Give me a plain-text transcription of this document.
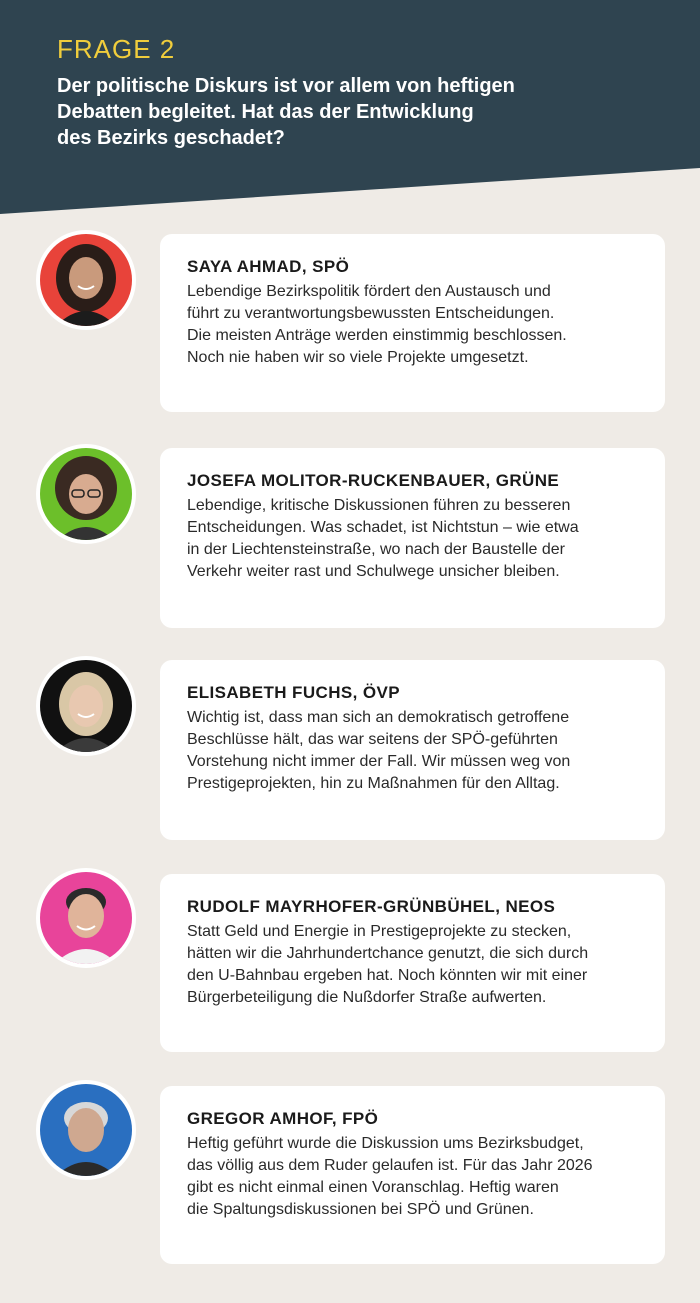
FRAGE 2
Der politische Diskurs ist vor allem von heftigen
Debatten begleitet. Hat das der Entwicklung
des Bezirks geschadet?
SAYA AHMAD, SPÖ
Lebendige Bezirkspolitik fördert den Austausch und
führt zu verantwortungsbewussten Entscheidungen.
Die meisten Anträge werden einstimmig beschlossen.
Noch nie haben wir so viele Projekte umgesetzt.
JOSEFA MOLITOR-RUCKENBAUER, GRÜNE
Lebendige, kritische Diskussionen führen zu besseren
Entscheidungen. Was schadet, ist Nichtstun – wie etwa
in der Liechtensteinstraße, wo nach der Baustelle der
Verkehr weiter rast und Schulwege unsicher bleiben.
ELISABETH FUCHS, ÖVP
Wichtig ist, dass man sich an demokratisch getroffene
Beschlüsse hält, das war seitens der SPÖ-geführten
Vorstehung nicht immer der Fall. Wir müssen weg von
Prestigeprojekten, hin zu Maßnahmen für den Alltag.
RUDOLF MAYRHOFER-GRÜNBÜHEL, NEOS
Statt Geld und Energie in Prestigeprojekte zu stecken,
hätten wir die Jahrhundertchance genutzt, die sich durch
den U-Bahnbau ergeben hat. Noch könnten wir mit einer
Bürgerbeteiligung die Nußdorfer Straße aufwerten.
GREGOR AMHOF, FPÖ
Heftig geführt wurde die Diskussion ums Bezirksbudget,
das völlig aus dem Ruder gelaufen ist. Für das Jahr 2026
gibt es nicht einmal einen Voranschlag. Heftig waren
die Spaltungsdiskussionen bei SPÖ und Grünen.
